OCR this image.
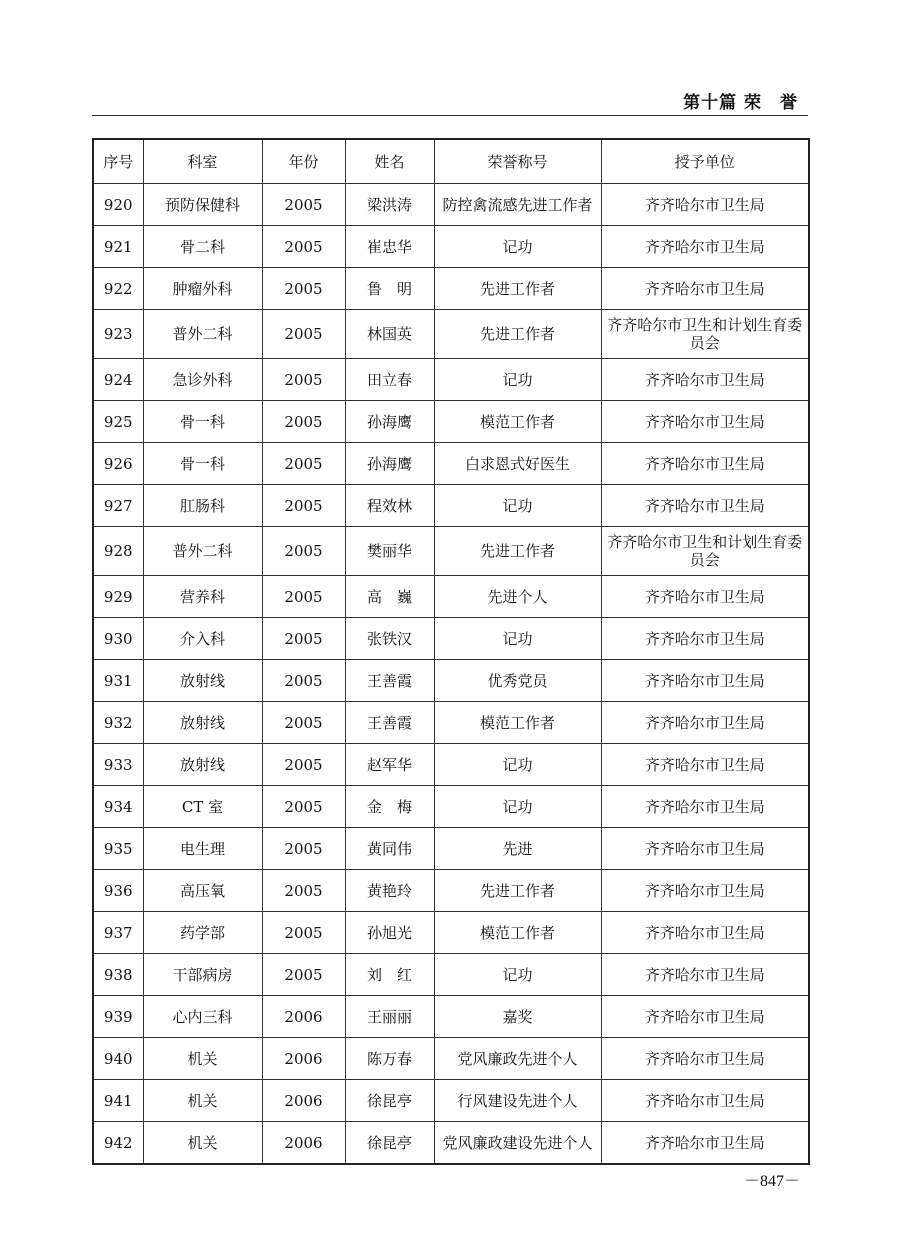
第十篇 荣　誉
序号	科室	年份	姓名	荣誉称号	授予单位
920	预防保健科	2005	梁洪涛	防控禽流感先进工作者	齐齐哈尔市卫生局
921	骨二科	2005	崔忠华	记功	齐齐哈尔市卫生局
922	肿瘤外科	2005	鲁　明	先进工作者	齐齐哈尔市卫生局
923	普外二科	2005	林国英	先进工作者	齐齐哈尔市卫生和计划生育委员会
924	急诊外科	2005	田立春	记功	齐齐哈尔市卫生局
925	骨一科	2005	孙海鹰	模范工作者	齐齐哈尔市卫生局
926	骨一科	2005	孙海鹰	白求恩式好医生	齐齐哈尔市卫生局
927	肛肠科	2005	程效林	记功	齐齐哈尔市卫生局
928	普外二科	2005	樊丽华	先进工作者	齐齐哈尔市卫生和计划生育委员会
929	营养科	2005	高　巍	先进个人	齐齐哈尔市卫生局
930	介入科	2005	张铁汉	记功	齐齐哈尔市卫生局
931	放射线	2005	王善霞	优秀党员	齐齐哈尔市卫生局
932	放射线	2005	王善霞	模范工作者	齐齐哈尔市卫生局
933	放射线	2005	赵军华	记功	齐齐哈尔市卫生局
934	CT 室	2005	金　梅	记功	齐齐哈尔市卫生局
935	电生理	2005	黄同伟	先进	齐齐哈尔市卫生局
936	高压氧	2005	黄艳玲	先进工作者	齐齐哈尔市卫生局
937	药学部	2005	孙旭光	模范工作者	齐齐哈尔市卫生局
938	干部病房	2005	刘　红	记功	齐齐哈尔市卫生局
939	心内三科	2006	王丽丽	嘉奖	齐齐哈尔市卫生局
940	机关	2006	陈万春	党风廉政先进个人	齐齐哈尔市卫生局
941	机关	2006	徐昆亭	行风建设先进个人	齐齐哈尔市卫生局
942	机关	2006	徐昆亭	党风廉政建设先进个人	齐齐哈尔市卫生局
－847－
